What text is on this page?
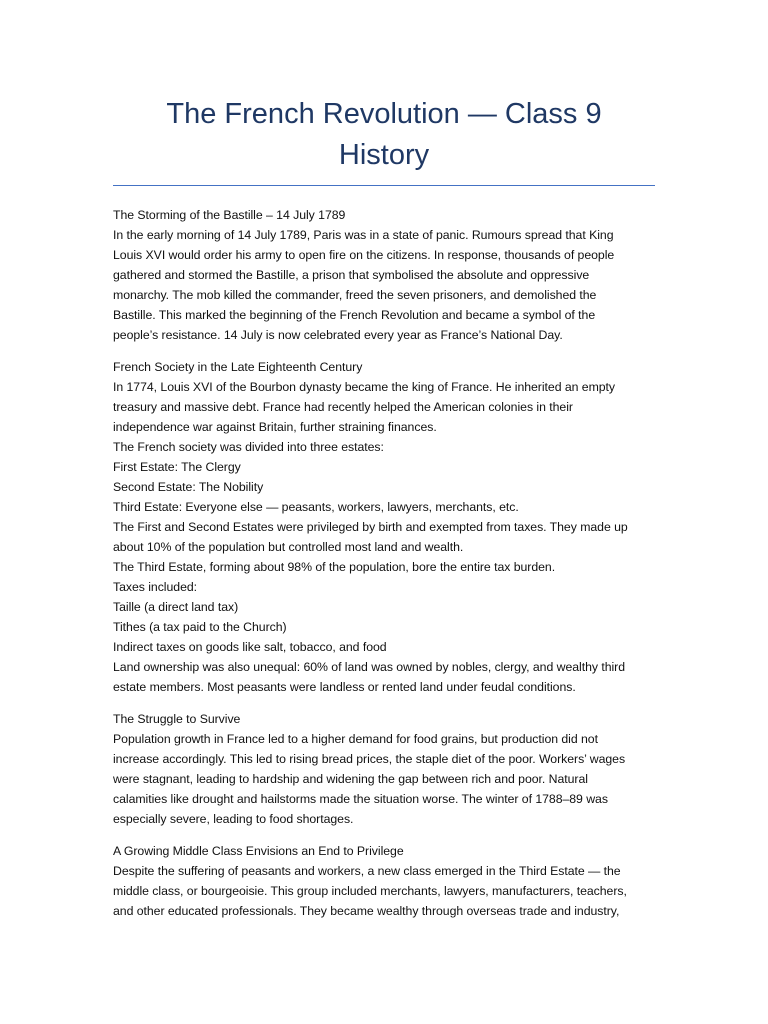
The French Revolution — Class 9
History
The Storming of the Bastille – 14 July 1789
In the early morning of 14 July 1789, Paris was in a state of panic. Rumours spread that King
Louis XVI would order his army to open fire on the citizens. In response, thousands of people
gathered and stormed the Bastille, a prison that symbolised the absolute and oppressive
monarchy. The mob killed the commander, freed the seven prisoners, and demolished the
Bastille. This marked the beginning of the French Revolution and became a symbol of the
people’s resistance. 14 July is now celebrated every year as France’s National Day.
French Society in the Late Eighteenth Century
In 1774, Louis XVI of the Bourbon dynasty became the king of France. He inherited an empty
treasury and massive debt. France had recently helped the American colonies in their
independence war against Britain, further straining finances.
The French society was divided into three estates:
First Estate: The Clergy
Second Estate: The Nobility
Third Estate: Everyone else — peasants, workers, lawyers, merchants, etc.
The First and Second Estates were privileged by birth and exempted from taxes. They made up
about 10% of the population but controlled most land and wealth.
The Third Estate, forming about 98% of the population, bore the entire tax burden.
Taxes included:
Taille (a direct land tax)
Tithes (a tax paid to the Church)
Indirect taxes on goods like salt, tobacco, and food
Land ownership was also unequal: 60% of land was owned by nobles, clergy, and wealthy third
estate members. Most peasants were landless or rented land under feudal conditions.
The Struggle to Survive
Population growth in France led to a higher demand for food grains, but production did not
increase accordingly. This led to rising bread prices, the staple diet of the poor. Workers’ wages
were stagnant, leading to hardship and widening the gap between rich and poor. Natural
calamities like drought and hailstorms made the situation worse. The winter of 1788–89 was
especially severe, leading to food shortages.
A Growing Middle Class Envisions an End to Privilege
Despite the suffering of peasants and workers, a new class emerged in the Third Estate — the
middle class, or bourgeoisie. This group included merchants, lawyers, manufacturers, teachers,
and other educated professionals. They became wealthy through overseas trade and industry,
